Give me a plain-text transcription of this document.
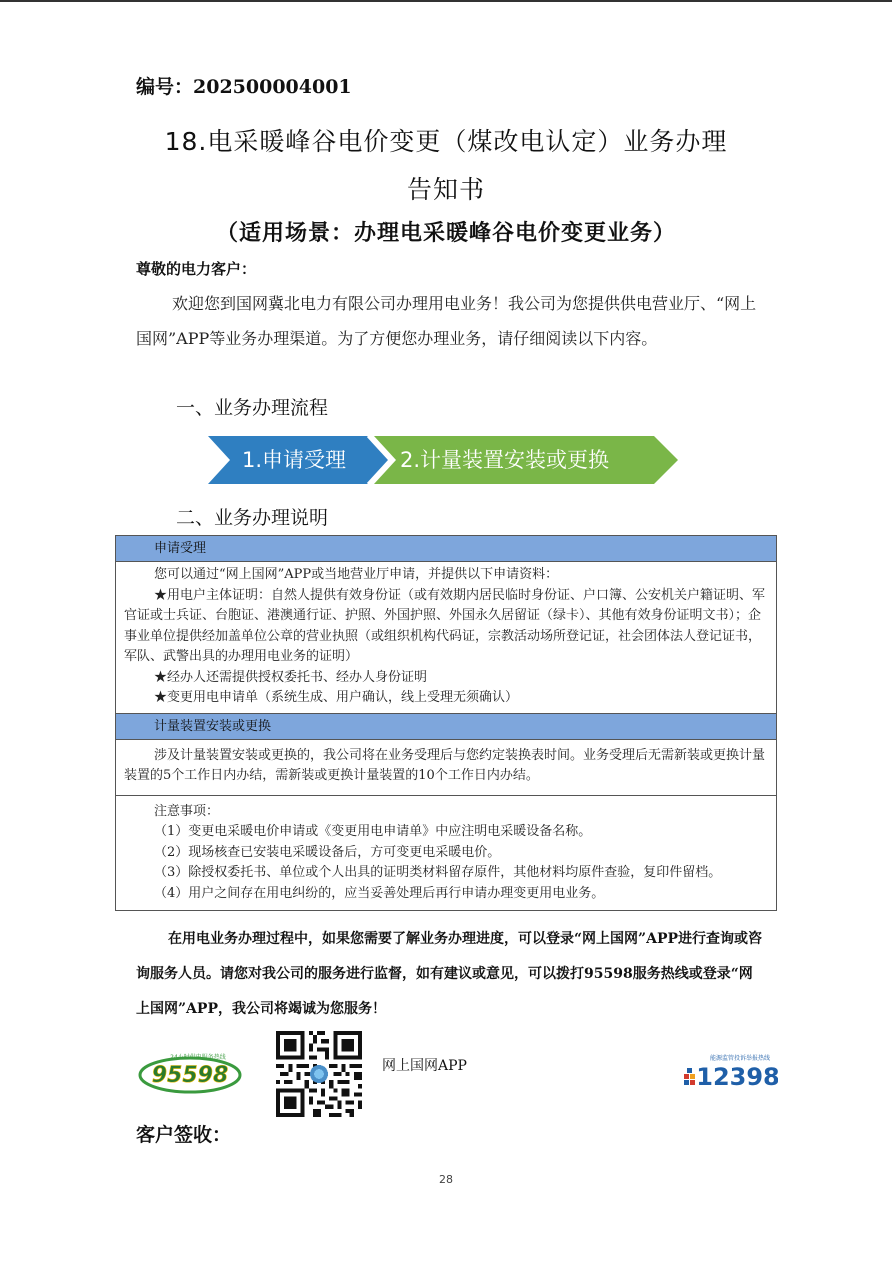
编号：202500004001
18.电采暖峰谷电价变更（煤改电认定）业务办理
告知书
（适用场景：办理电采暖峰谷电价变更业务）
尊敬的电力客户：
欢迎您到国网冀北电力有限公司办理用电业务！我公司为您提供供电营业厅、“网上国网”APP等业务办理渠道。为了方便您办理业务，请仔细阅读以下内容。
一、业务办理流程
1.申请受理	2.计量装置安装或更换
二、业务办理说明
申请受理
您可以通过“网上国网”APP或当地营业厅申请，并提供以下申请资料：
★用电户主体证明：自然人提供有效身份证（或有效期内居民临时身份证、户口簿、公安机关户籍证明、军官证或士兵证、台胞证、港澳通行证、护照、外国护照、外国永久居留证（绿卡）、其他有效身份证明文书）；企事业单位提供经加盖单位公章的营业执照（或组织机构代码证，宗教活动场所登记证，社会团体法人登记证书，军队、武警出具的办理用电业务的证明）
★经办人还需提供授权委托书、经办人身份证明
★变更用电申请单（系统生成、用户确认，线上受理无须确认）
计量装置安装或更换
涉及计量装置安装或更换的，我公司将在业务受理后与您约定装换表时间。业务受理后无需新装或更换计量装置的5个工作日内办结，需新装或更换计量装置的10个工作日内办结。
注意事项：
（1）变更电采暖电价申请或《变更用电申请单》中应注明电采暖设备名称。
（2）现场核查已安装电采暖设备后，方可变更电采暖电价。
（3）除授权委托书、单位或个人出具的证明类材料留存原件，其他材料均原件查验，复印件留档。
（4）用户之间存在用电纠纷的，应当妥善处理后再行申请办理变更用电业务。
在用电业务办理过程中，如果您需要了解业务办理进度，可以登录“网上国网”APP进行查询或咨询服务人员。请您对我公司的服务进行监督，如有建议或意见，可以拨打95598服务热线或登录“网上国网”APP，我公司将竭诚为您服务！
95598
24小时供电服务热线
网上国网APP	能源监管投诉举报热线
12398
客户签收：
28
